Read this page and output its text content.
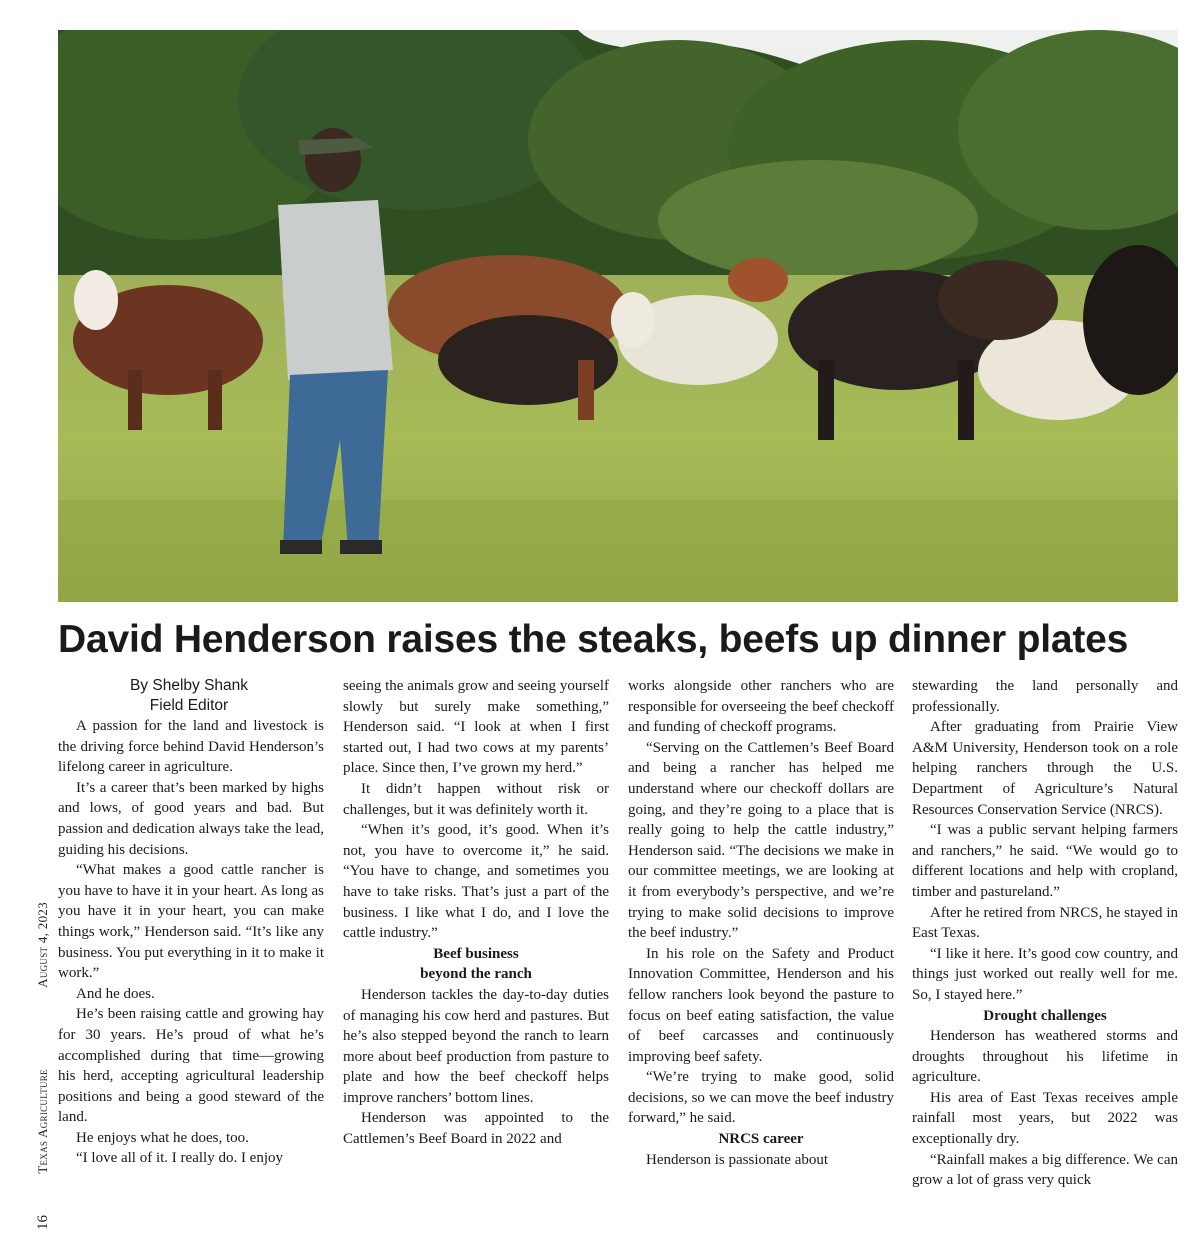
David Henderson raises the steaks, beefs up dinner plates
16 Texas Agriculture August 4, 2023
By Shelby Shank
Field Editor

A passion for the land and livestock is the driving force behind David Henderson’s lifelong career in agriculture.

It’s a career that’s been marked by highs and lows, of good years and bad. But passion and dedication always take the lead, guiding his decisions.

“What makes a good cattle rancher is you have to have it in your heart. As long as you have it in your heart, you can make things work,” Henderson said. “It’s like any business. You put everything in it to make it work.”

And he does.

He’s been raising cattle and growing hay for 30 years. He’s proud of what he’s accomplished during that time—growing his herd, accepting agricultural leadership positions and being a good steward of the land.

He enjoys what he does, too.

“I love all of it. I really do. I enjoy

seeing the animals grow and seeing yourself slowly but surely make something,” Henderson said. “I look at when I first started out, I had two cows at my parents’ place. Since then, I’ve grown my herd.”

It didn’t happen without risk or challenges, but it was definitely worth it.

“When it’s good, it’s good. When it’s not, you have to overcome it,” he said. “You have to change, and sometimes you have to take risks. That’s just a part of the business. I like what I do, and I love the cattle industry.”

Beef business

beyond the ranch

Henderson tackles the day-to-day duties of managing his cow herd and pastures. But he’s also stepped beyond the ranch to learn more about beef production from pasture to plate and how the beef checkoff helps improve ranchers’ bottom lines.

Henderson was appointed to the Cattlemen’s Beef Board in 2022 and

works alongside other ranchers who are responsible for overseeing the beef checkoff and funding of checkoff programs.

“Serving on the Cattlemen’s Beef Board and being a rancher has helped me understand where our checkoff dollars are going, and they’re going to a place that is really going to help the cattle industry,” Henderson said. “The decisions we make in our committee meetings, we are looking at it from everybody’s perspective, and we’re trying to make solid decisions to improve the beef industry.”

In his role on the Safety and Product Innovation Committee, Henderson and his fellow ranchers look beyond the pasture to focus on beef eating satisfaction, the value of beef carcasses and continuously improving beef safety.

“We’re trying to make good, solid decisions, so we can move the beef industry forward,” he said.

NRCS career

Henderson is passionate about

stewarding the land personally and professionally.

After graduating from Prairie View A&M University, Henderson took on a role helping ranchers through the U.S. Department of Agriculture’s Natural Resources Conservation Service (NRCS).

“I was a public servant helping farmers and ranchers,” he said. “We would go to different locations and help with cropland, timber and pastureland.”

After he retired from NRCS, he stayed in East Texas.

“I like it here. It’s good cow country, and things just worked out really well for me. So, I stayed here.”

Drought challenges

Henderson has weathered storms and droughts throughout his lifetime in agriculture.

His area of East Texas receives ample rainfall most years, but 2022 was exceptionally dry.

“Rainfall makes a big difference. We can grow a lot of grass very quick
